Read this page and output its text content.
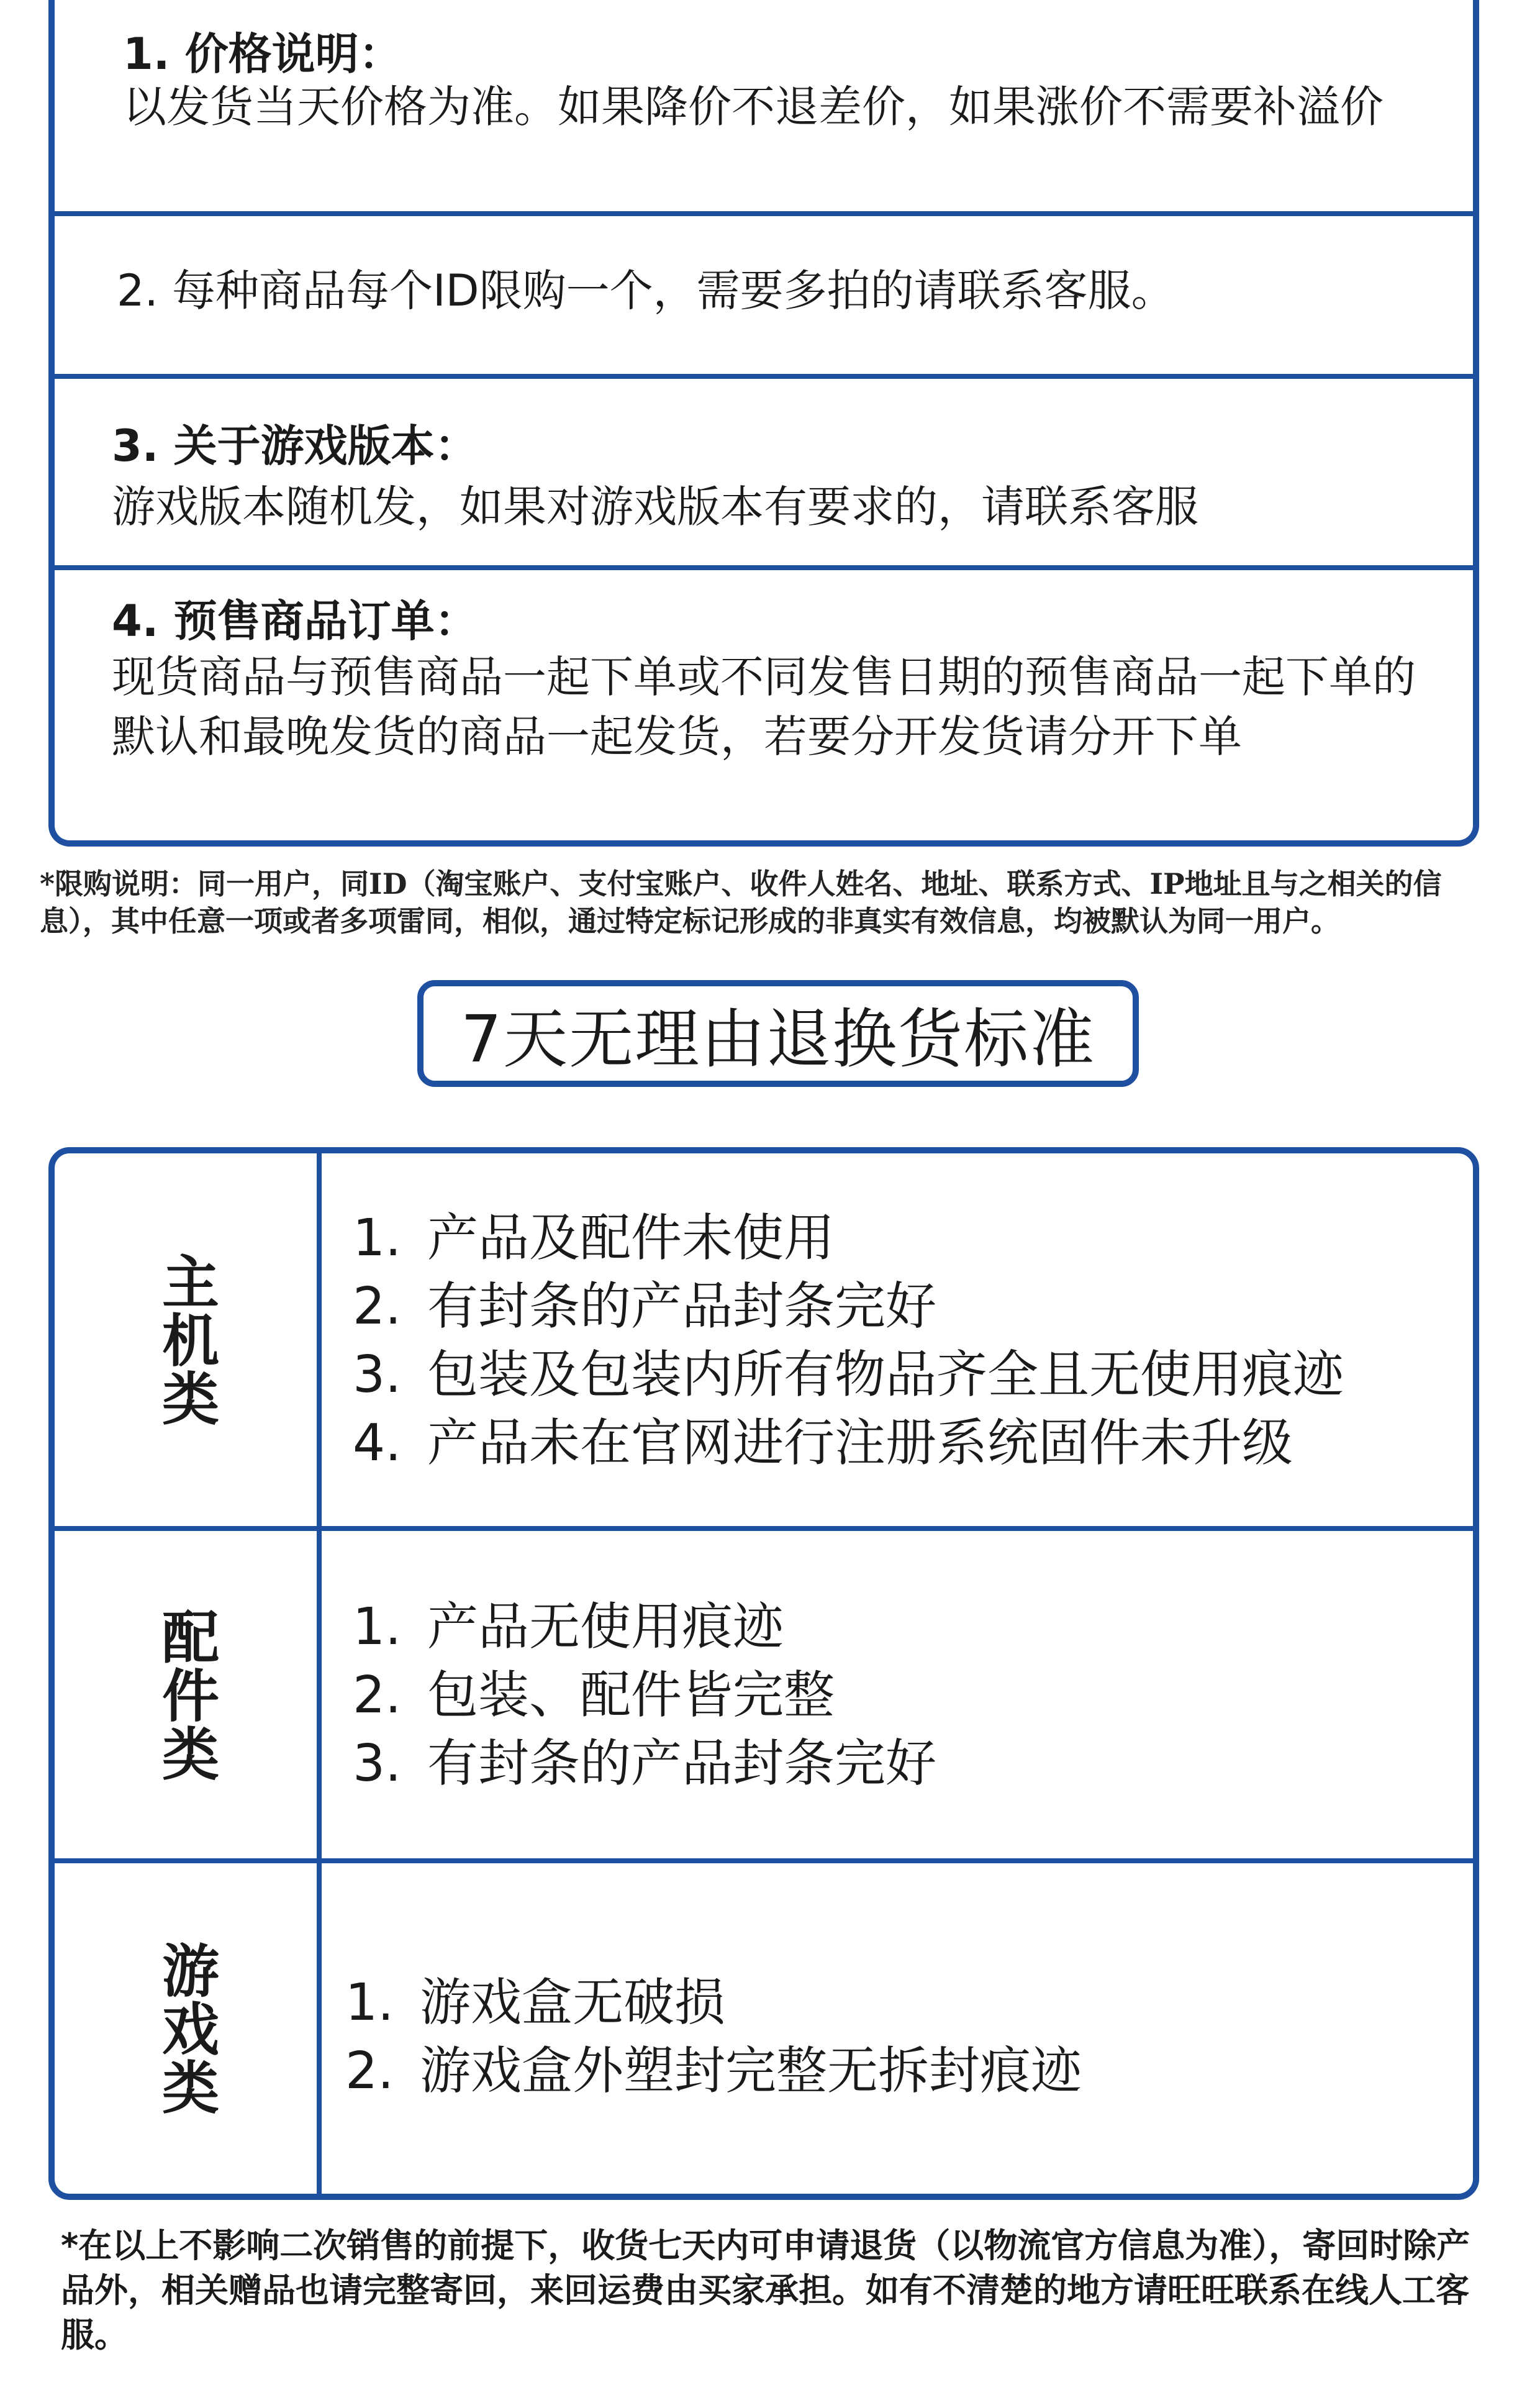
1. 价格说明：
以发货当天价格为准。如果降价不退差价，如果涨价不需要补溢价
2. 每种商品每个ID限购一个，需要多拍的请联系客服。
3. 关于游戏版本：
游戏版本随机发，如果对游戏版本有要求的，请联系客服
4. 预售商品订单：
现货商品与预售商品一起下单或不同发售日期的预售商品一起下单的默认和最晚发货的商品一起发货，若要分开发货请分开下单
*限购说明：同一用户，同ID（淘宝账户、支付宝账户、收件人姓名、地址、联系方式、IP地址且与之相关的信息），其中任意一项或者多项雷同，相似，通过特定标记形成的非真实有效信息，均被默认为同一用户。
7天无理由退换货标准
主机类
1. 产品及配件未使用
2. 有封条的产品封条完好
3. 包装及包装内所有物品齐全且无使用痕迹
4. 产品未在官网进行注册系统固件未升级
配件类	1. 产品无使用痕迹
2. 包装、配件皆完整
3. 有封条的产品封条完好
游戏类 1. 游戏盒无破损
2. 游戏盒外塑封完整无拆封痕迹
*在以上不影响二次销售的前提下，收货七天内可申请退货（以物流官方信息为准），寄回时除产品外，相关赠品也请完整寄回，来回运费由买家承担。如有不清楚的地方请旺旺联系在线人工客服。
